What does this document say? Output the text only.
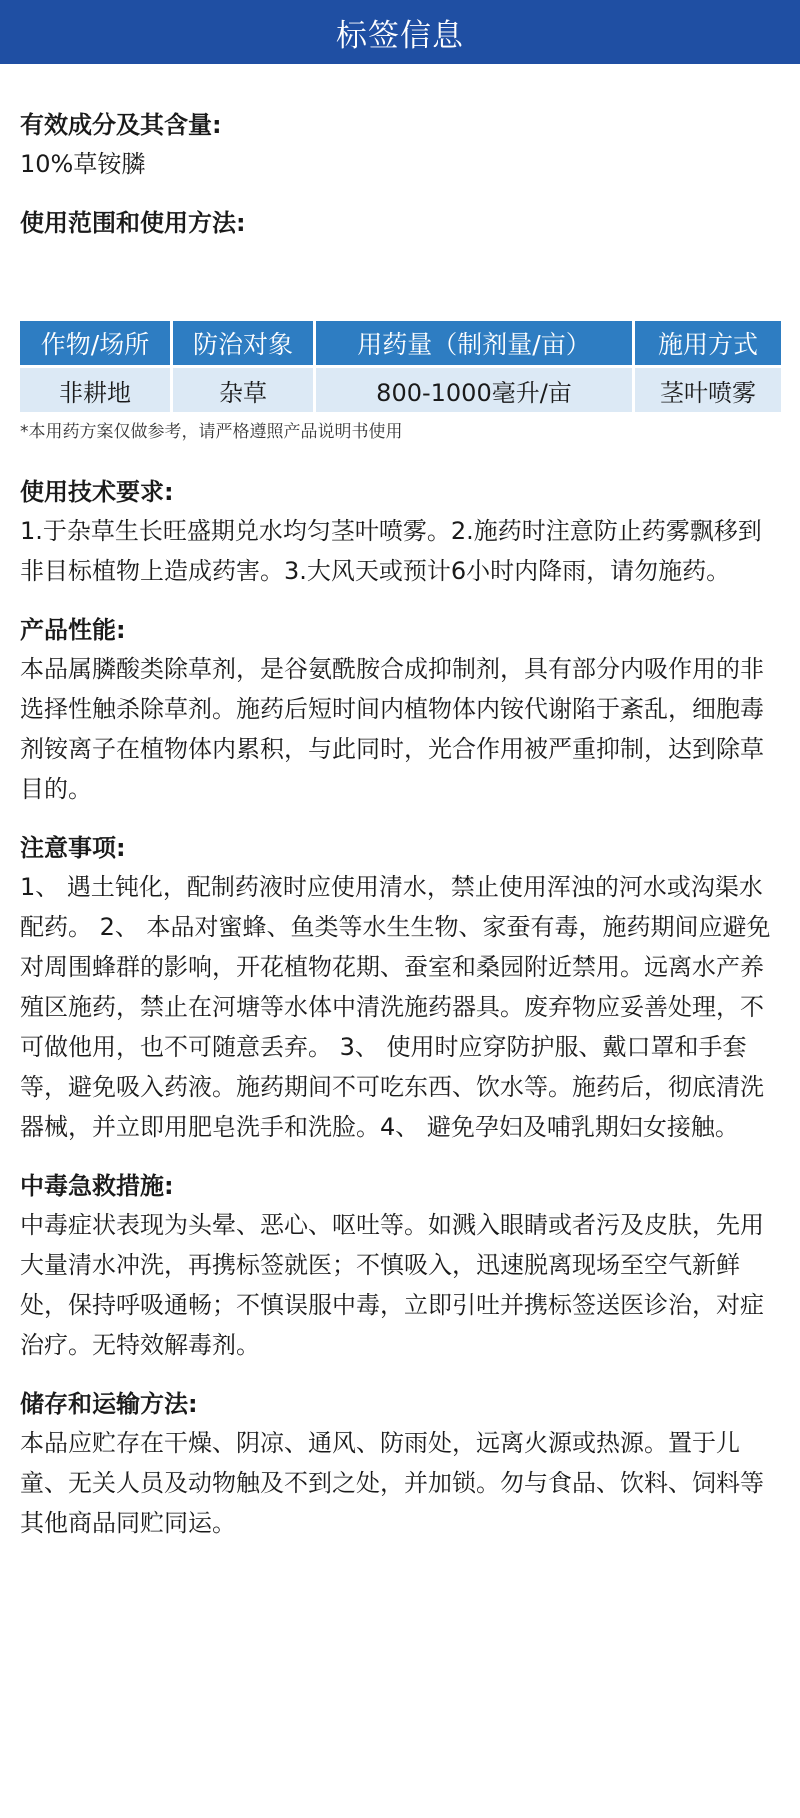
标签信息

有效成分及其含量:

10%草铵膦

使用范围和使用方法:

作物/场所	防治对象	用药量（制剂量/亩）	施用方式
非耕地	杂草	800-1000毫升/亩	茎叶喷雾

*本用药方案仅做参考，请严格遵照产品说明书使用

使用技术要求:

1.于杂草生长旺盛期兑水均匀茎叶喷雾。2.施药时注意防止药雾飘移到非目标植物上造成药害。3.大风天或预计6小时内降雨，请勿施药。

产品性能:

本品属膦酸类除草剂，是谷氨酰胺合成抑制剂，具有部分内吸作用的非选择性触杀除草剂。施药后短时间内植物体内铵代谢陷于紊乱，细胞毒剂铵离子在植物体内累积，与此同时，光合作用被严重抑制，达到除草目的。

注意事项:

1、 遇土钝化，配制药液时应使用清水，禁止使用浑浊的河水或沟渠水配药。 2、 本品对蜜蜂、鱼类等水生生物、家蚕有毒，施药期间应避免对周围蜂群的影响，开花植物花期、蚕室和桑园附近禁用。远离水产养殖区施药，禁止在河塘等水体中清洗施药器具。废弃物应妥善处理，不可做他用，也不可随意丢弃。 3、 使用时应穿防护服、戴口罩和手套等，避免吸入药液。施药期间不可吃东西、饮水等。施药后，彻底清洗器械，并立即用肥皂洗手和洗脸。4、 避免孕妇及哺乳期妇女接触。

中毒急救措施:

中毒症状表现为头晕、恶心、呕吐等。如溅入眼睛或者污及皮肤，先用大量清水冲洗，再携标签就医；不慎吸入，迅速脱离现场至空气新鲜处，保持呼吸通畅；不慎误服中毒，立即引吐并携标签送医诊治，对症治疗。无特效解毒剂。

储存和运输方法:

本品应贮存在干燥、阴凉、通风、防雨处，远离火源或热源。置于儿童、无关人员及动物触及不到之处，并加锁。勿与食品、饮料、饲料等其他商品同贮同运。
